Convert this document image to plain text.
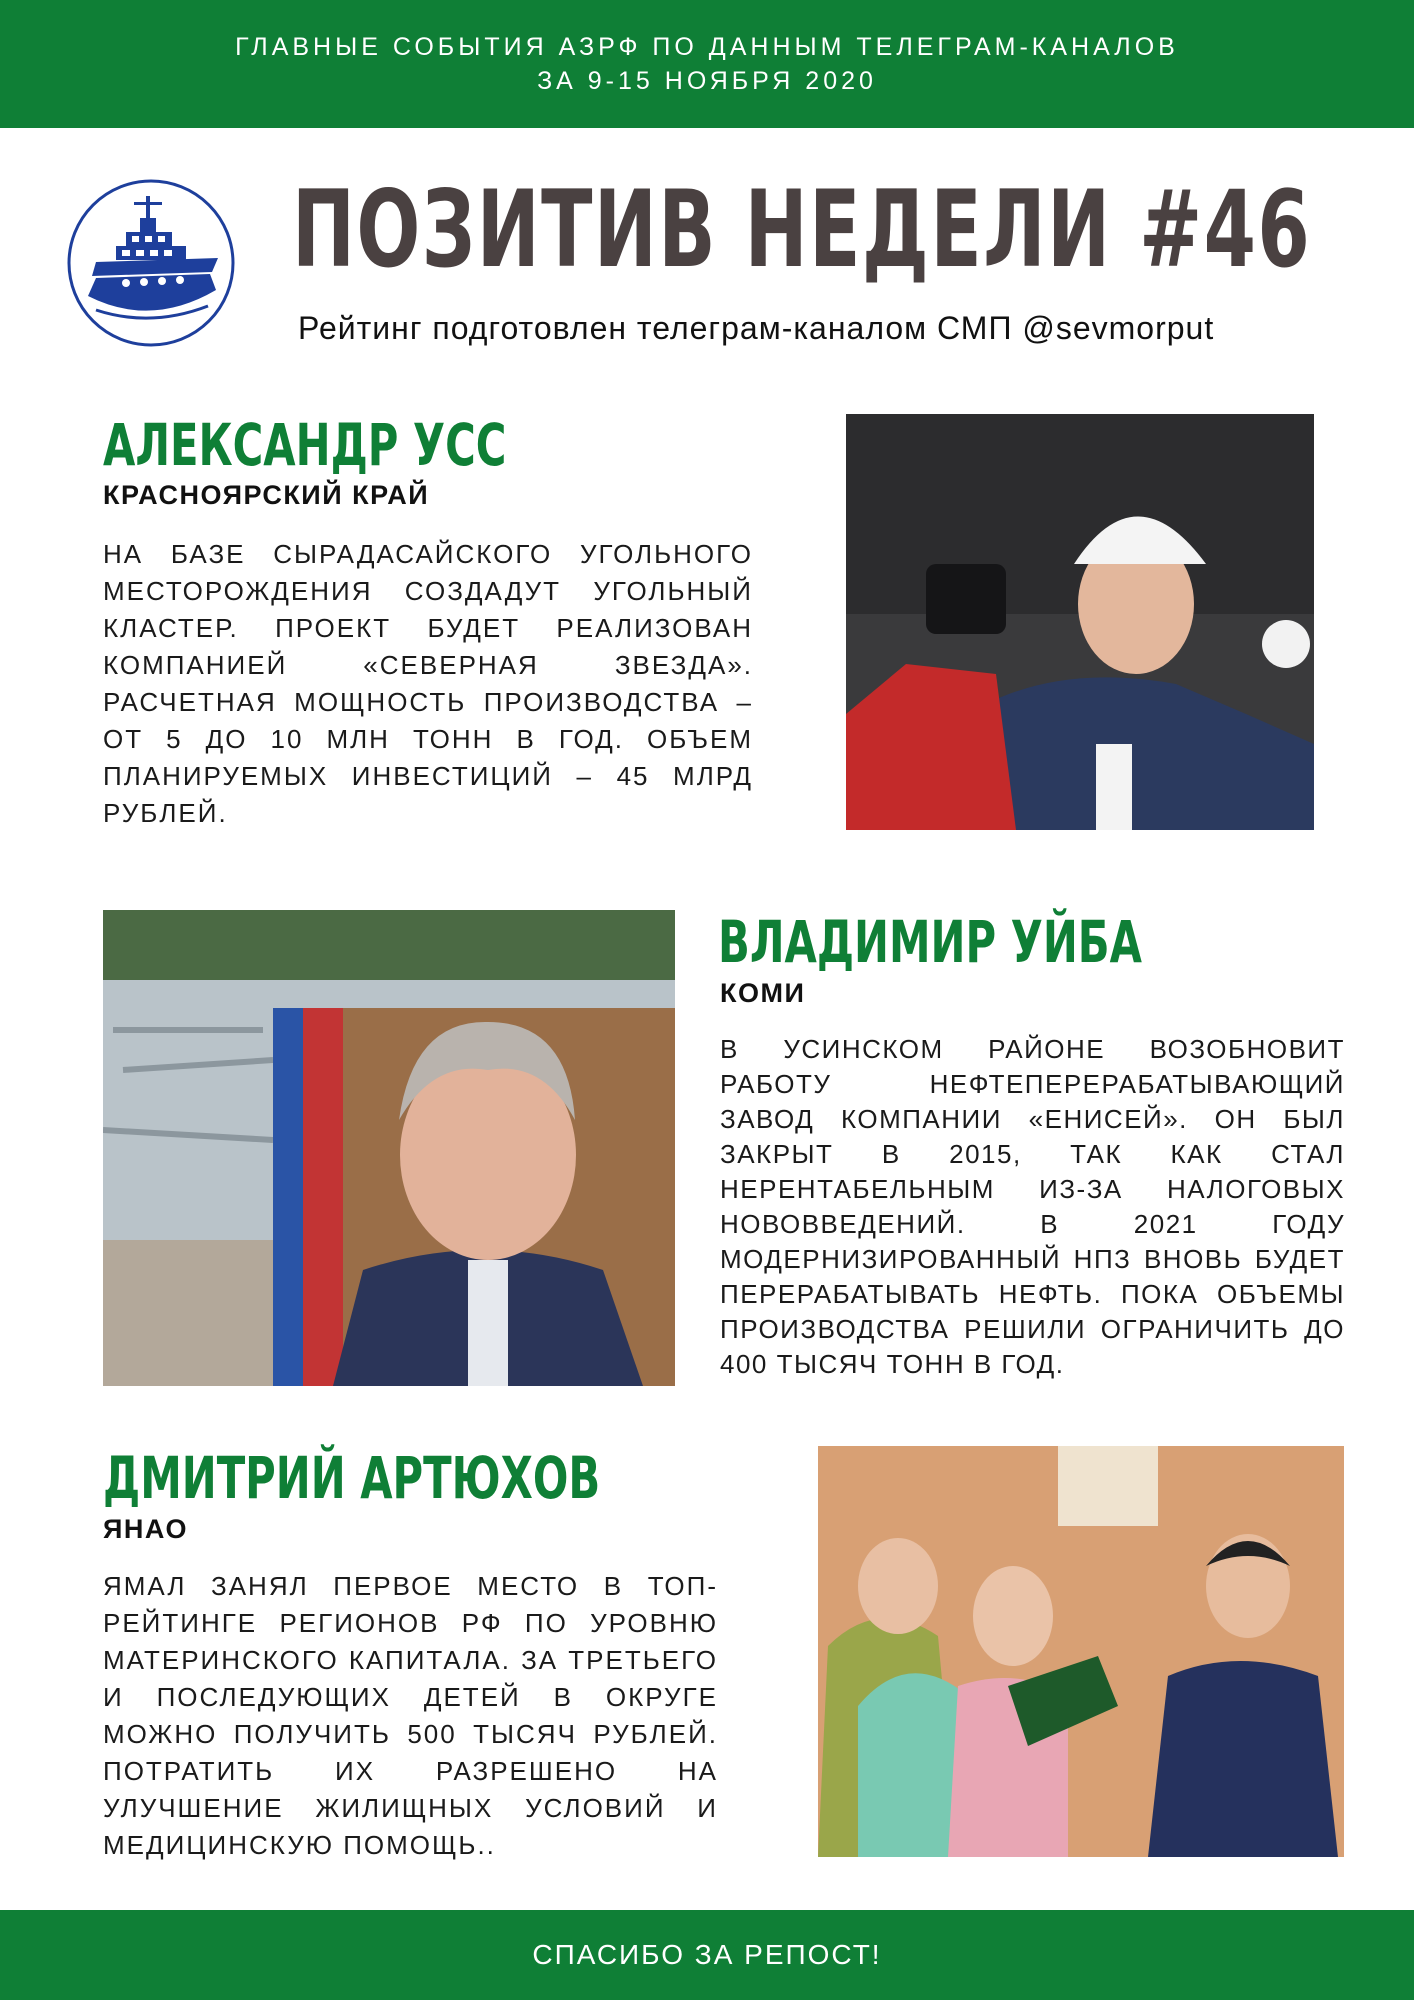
ГЛАВНЫЕ СОБЫТИЯ АЗРФ ПО ДАННЫМ ТЕЛЕГРАМ-КАНАЛОВ
ЗА 9-15 НОЯБРЯ 2020
ПОЗИТИВ НЕДЕЛИ #46
Рейтинг подготовлен телеграм-каналом СМП @sevmorput
АЛЕКСАНДР УСС
КРАСНОЯРСКИЙ КРАЙ
НА БАЗЕ СЫРАДАСАЙСКОГО УГОЛЬНОГО МЕСТОРОЖДЕНИЯ СОЗДАДУТ УГОЛЬНЫЙ КЛАСТЕР. ПРОЕКТ БУДЕТ РЕАЛИЗОВАН КОМПАНИЕЙ «СЕВЕРНАЯ ЗВЕЗДА». РАСЧЕТНАЯ МОЩНОСТЬ ПРОИЗВОДСТВА – ОТ 5 ДО 10 МЛН ТОНН В ГОД. ОБЪЕМ ПЛАНИРУЕМЫХ ИНВЕСТИЦИЙ – 45 МЛРД РУБЛЕЙ.
ВЛАДИМИР УЙБА
КОМИ
В УСИНСКОМ РАЙОНЕ ВОЗОБНОВИТ РАБОТУ НЕФТЕПЕРЕРАБАТЫВАЮЩИЙ ЗАВОД КОМПАНИИ «ЕНИСЕЙ». ОН БЫЛ ЗАКРЫТ В 2015, ТАК КАК СТАЛ НЕРЕНТАБЕЛЬНЫМ ИЗ-ЗА НАЛОГОВЫХ НОВОВВЕДЕНИЙ. В 2021 ГОДУ МОДЕРНИЗИРОВАННЫЙ НПЗ ВНОВЬ БУДЕТ ПЕРЕРАБАТЫВАТЬ НЕФТЬ. ПОКА ОБЪЕМЫ ПРОИЗВОДСТВА РЕШИЛИ ОГРАНИЧИТЬ ДО 400 ТЫСЯЧ ТОНН В ГОД.
ДМИТРИЙ АРТЮХОВ
ЯНАО
ЯМАЛ ЗАНЯЛ ПЕРВОЕ МЕСТО В ТОП-РЕЙТИНГЕ РЕГИОНОВ РФ ПО УРОВНЮ МАТЕРИНСКОГО КАПИТАЛА. ЗА ТРЕТЬЕГО И ПОСЛЕДУЮЩИХ ДЕТЕЙ В ОКРУГЕ МОЖНО ПОЛУЧИТЬ 500 ТЫСЯЧ РУБЛЕЙ. ПОТРАТИТЬ ИХ РАЗРЕШЕНО НА УЛУЧШЕНИЕ ЖИЛИЩНЫХ УСЛОВИЙ И МЕДИЦИНСКУЮ ПОМОЩЬ..
СПАСИБО ЗА РЕПОСТ!
